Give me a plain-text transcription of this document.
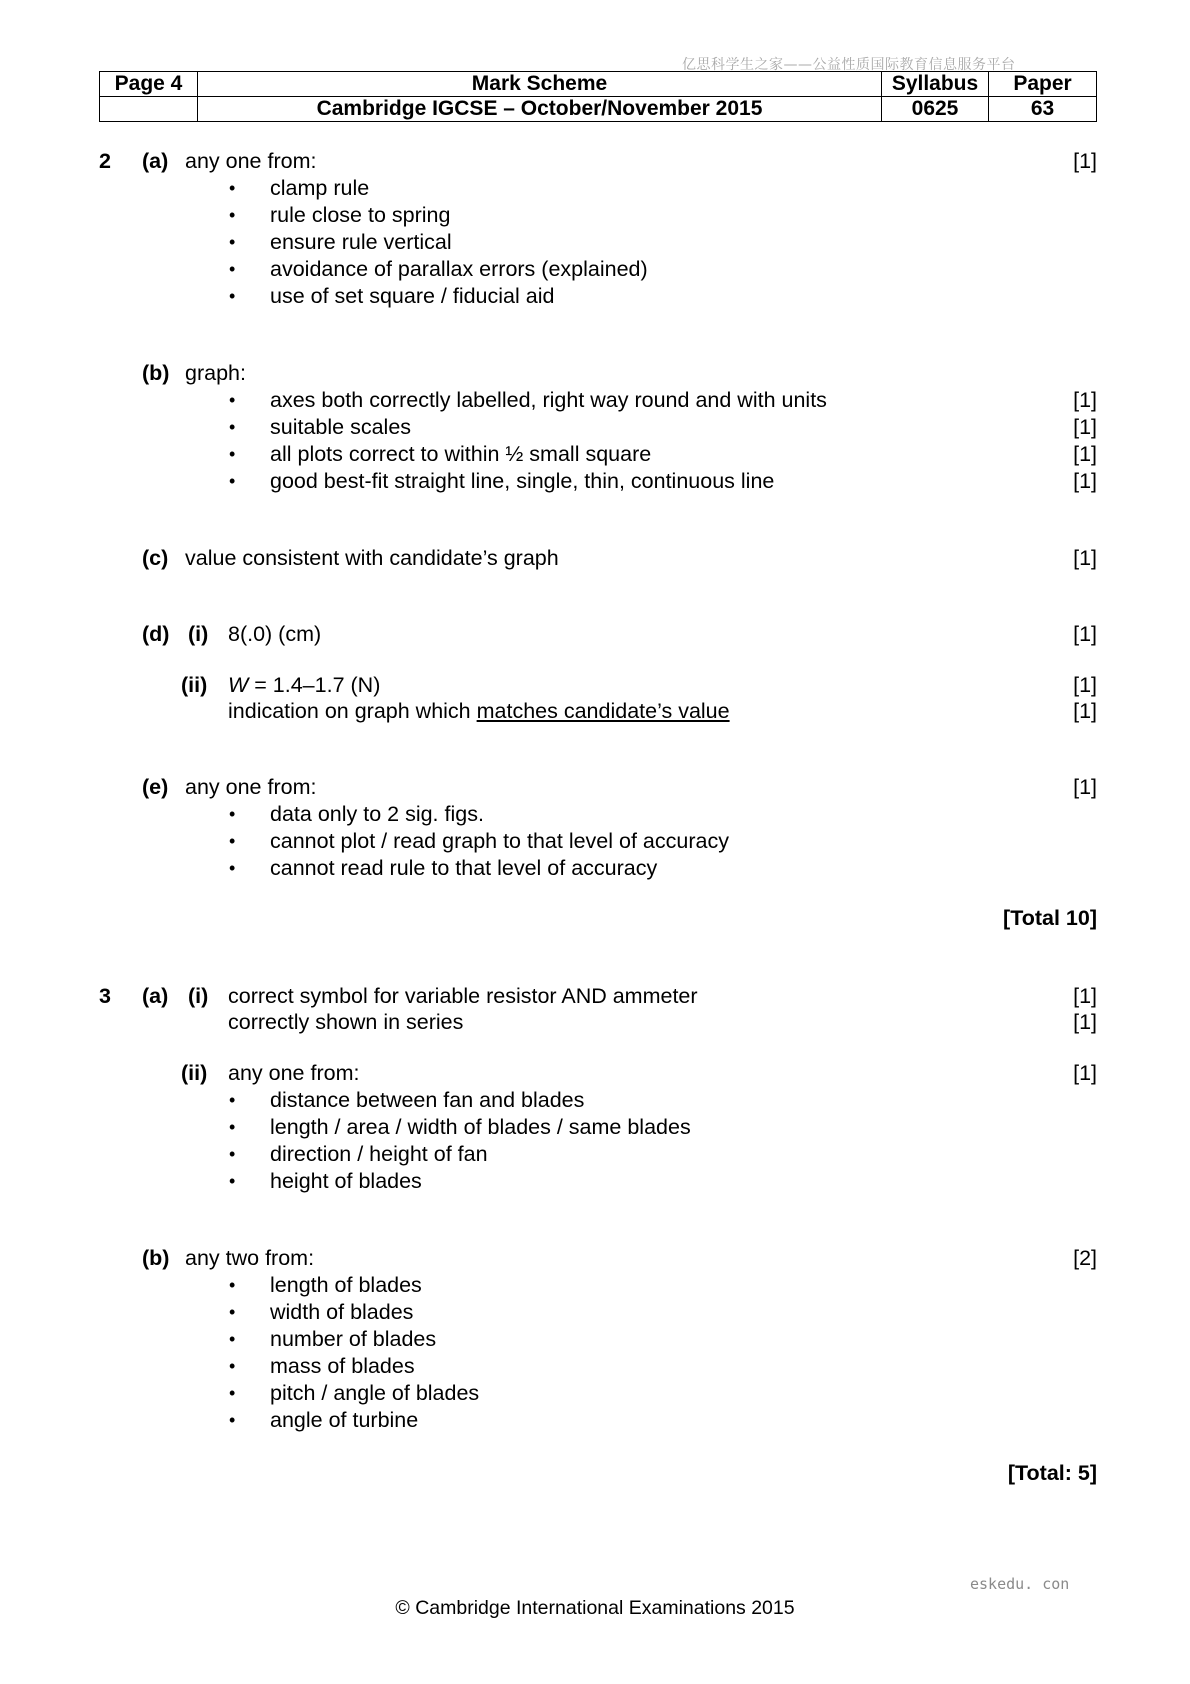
亿思科学生之家——公益性质国际教育信息服务平台
Page 4	Mark Scheme	Syllabus	Paper
	Cambridge IGCSE – October/November 2015	0625	63
2 (a) any one from:	[1]
• clamp rule
• rule close to spring
• ensure rule vertical
• avoidance of parallax errors (explained)
• use of set square / fiducial aid
(b) graph:
• axes both correctly labelled, right way round and with units	[1]
• suitable scales	[1]
• all plots correct to within ½ small square	[1]
• good best-fit straight line, single, thin, continuous line	[1]
(c) value consistent with candidate’s graph	[1]
(d) (i) 8(.0) (cm)	[1]
(ii) W = 1.4–1.7 (N)	[1]
indication on graph which matches candidate’s value	[1]
(e) any one from:	[1]
• data only to 2 sig. figs.
• cannot plot / read graph to that level of accuracy
• cannot read rule to that level of accuracy
[Total 10]
3 (a) (i) correct symbol for variable resistor AND ammeter	[1]
correctly shown in series	[1]
(ii) any one from:	[1]
• distance between fan and blades
• length / area / width of blades / same blades
• direction / height of fan
• height of blades
(b) any two from:	[2]
• length of blades
• width of blades
• number of blades
• mass of blades
• pitch / angle of blades
• angle of turbine
[Total: 5]
eskedu. con
© Cambridge International Examinations 2015
